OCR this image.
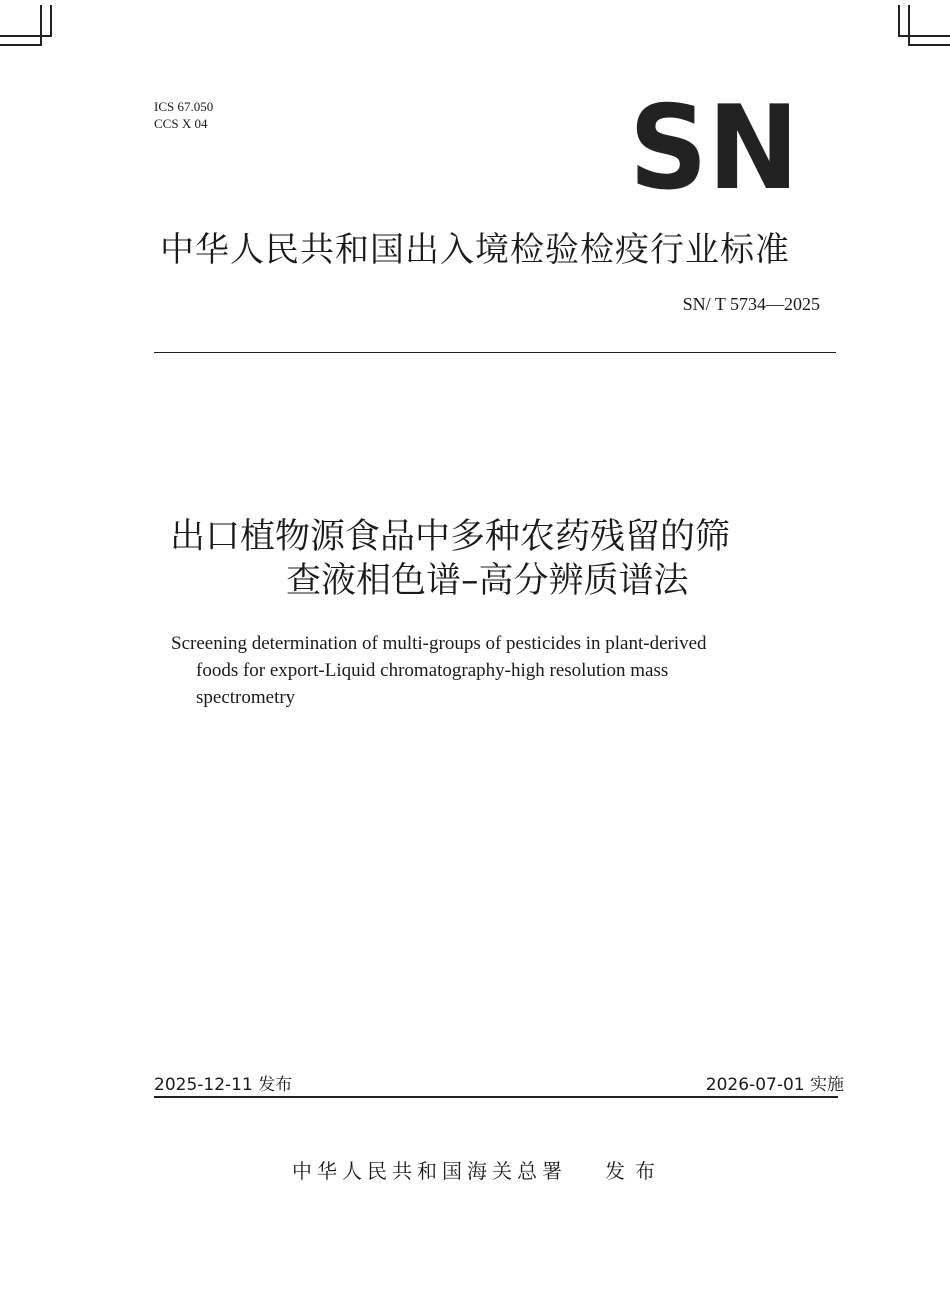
ICS 67.050
CCS X 04	SN
中华人民共和国出入境检验检疫行业标准
SN/ T 5734—2025
出口植物源食品中多种农药残留的筛
查液相色谱–高分辨质谱法
Screening determination of multi-groups of pesticides in plant-derived
foods for export-Liquid chromatography-high resolution mass
spectrometry
2025-12-11 发布	2026-07-01 实施
中华人民共和国海关总署 发布
